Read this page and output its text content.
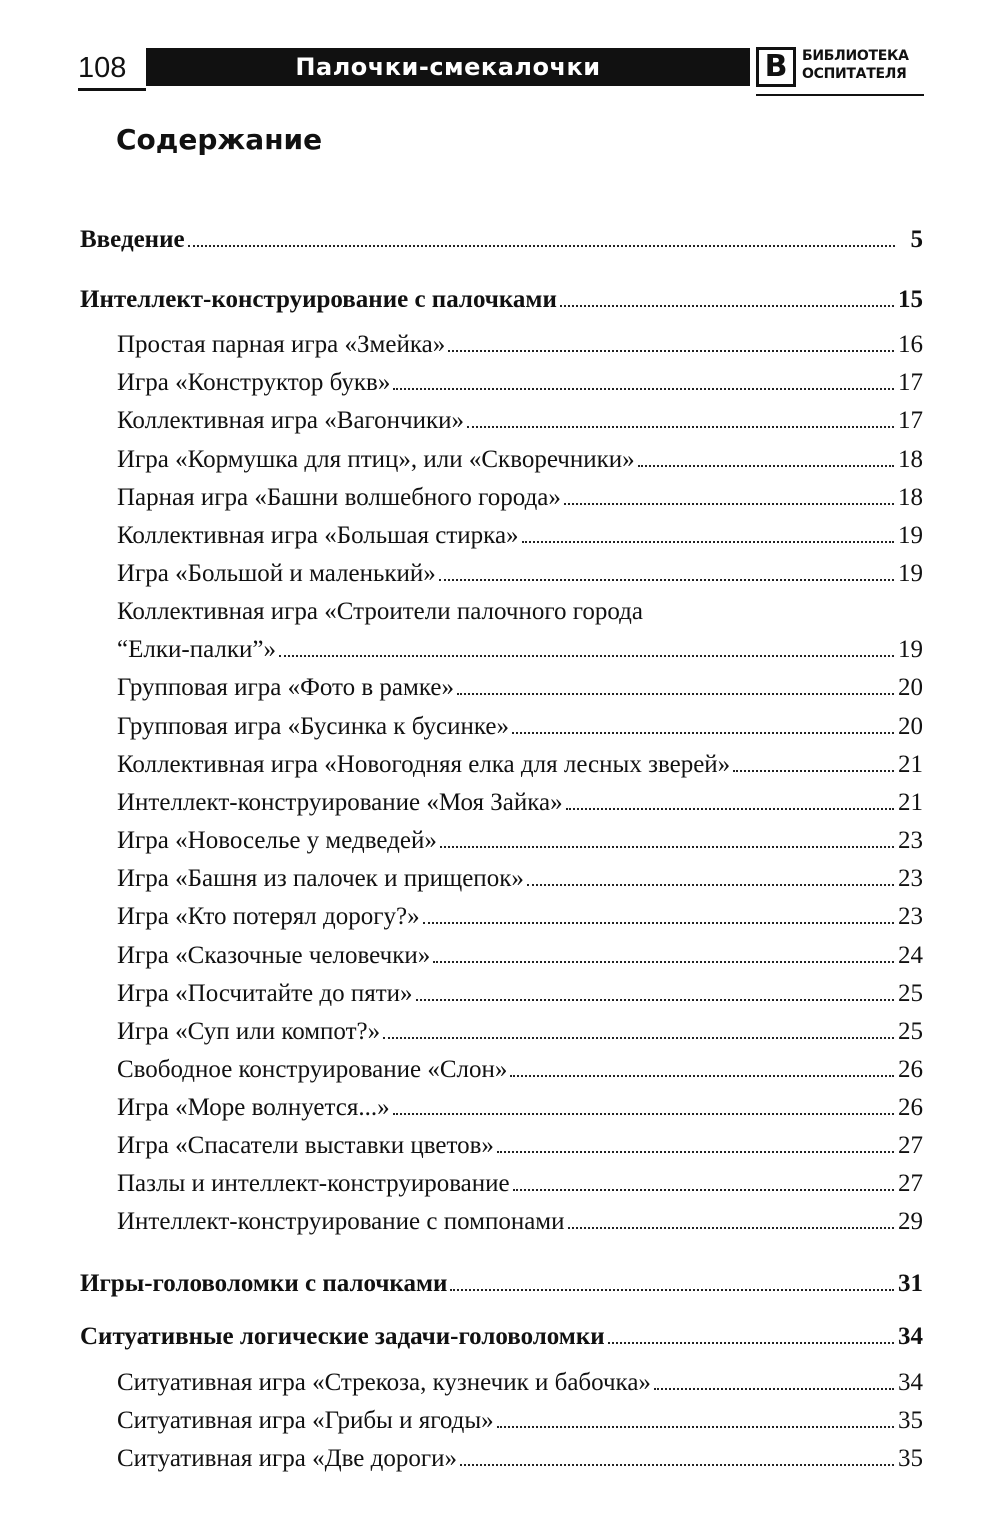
108	Палочки-смекалочки	В	БИБЛИОТЕКА
ОСПИТАТЕЛЯ
Содержание
Введение	5
Интеллект-конструирование с палочками	15
Простая парная игра «Змейка»	16
Игра «Конструктор букв»	17
Коллективная игра «Вагончики»	17
Игра «Кормушка для птиц», или «Скворечники»	18
Парная игра «Башни волшебного города»	18
Коллективная игра «Большая стирка»	19
Игра «Большой и маленький»	19
Коллективная игра «Строители палочного города
“Елки-палки”»	19
Групповая игра «Фото в рамке»	20
Групповая игра «Бусинка к бусинке»	20
Коллективная игра «Новогодняя елка для лесных зверей»	21
Интеллект-конструирование «Моя Зайка»	21
Игра «Новоселье у медведей»	23
Игра «Башня из палочек и прищепок»	23
Игра «Кто потерял дорогу?»	23
Игра «Сказочные человечки»	24
Игра «Посчитайте до пяти»	25
Игра «Суп или компот?»	25
Свободное конструирование «Слон»	26
Игра «Море волнуется...»	26
Игра «Спасатели выставки цветов»	27
Пазлы и интеллект-конструирование	27
Интеллект-конструирование с помпонами	29
Игры-головоломки с палочками	31
Ситуативные логические задачи-головоломки	34
Ситуативная игра «Стрекоза, кузнечик и бабочка»	34
Ситуативная игра «Грибы и ягоды»	35
Ситуативная игра «Две дороги»	35
